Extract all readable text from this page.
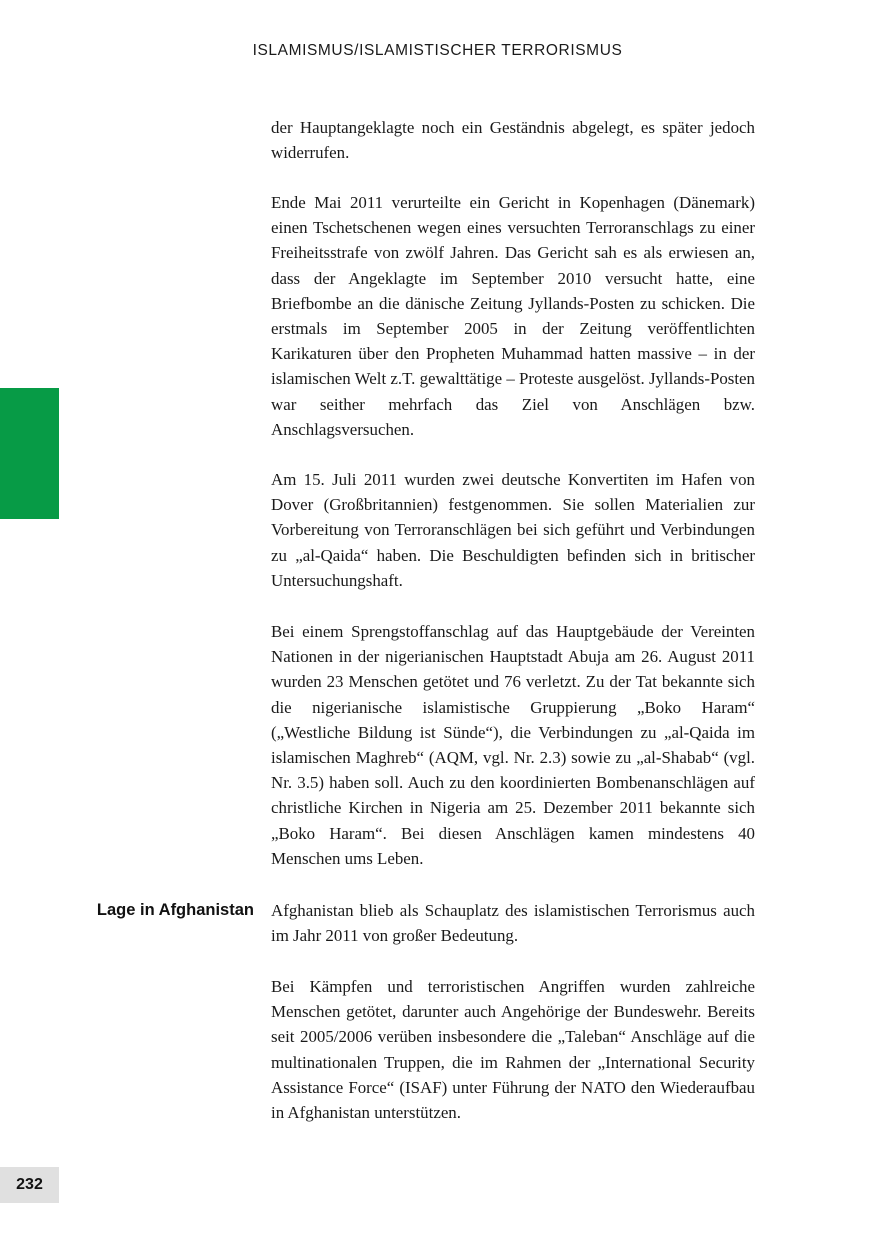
ISLAMISMUS/ISLAMISTISCHER TERRORISMUS

der Hauptangeklagte noch ein Geständnis abgelegt, es später jedoch widerrufen.

Ende Mai 2011 verurteilte ein Gericht in Kopenhagen (Dänemark) einen Tschetschenen wegen eines versuchten Terroranschlags zu einer Freiheitsstrafe von zwölf Jahren. Das Gericht sah es als erwiesen an, dass der Angeklagte im September 2010 versucht hatte, eine Briefbombe an die dänische Zeitung Jyllands-Posten zu schicken. Die erstmals im September 2005 in der Zeitung veröffentlichten Karikaturen über den Propheten Muhammad hatten massive – in der islamischen Welt z.T. gewalttätige – Proteste ausgelöst. Jyllands-Posten war seither mehrfach das Ziel von Anschlägen bzw. Anschlagsversuchen.

Am 15. Juli 2011 wurden zwei deutsche Konvertiten im Hafen von Dover (Großbritannien) festgenommen. Sie sollen Materialien zur Vorbereitung von Terroranschlägen bei sich geführt und Verbindungen zu „al-Qaida“ haben. Die Beschuldigten befinden sich in britischer Untersuchungshaft.

Bei einem Sprengstoffanschlag auf das Hauptgebäude der Vereinten Nationen in der nigerianischen Hauptstadt Abuja am 26. August 2011 wurden 23 Menschen getötet und 76 verletzt. Zu der Tat bekannte sich die nigerianische islamistische Gruppierung „Boko Haram“ („Westliche Bildung ist Sünde“), die Verbindungen zu „al-Qaida im islamischen Maghreb“ (AQM, vgl. Nr. 2.3) sowie zu „al-Shabab“ (vgl. Nr. 3.5) haben soll. Auch zu den koordinierten Bombenanschlägen auf christliche Kirchen in Nigeria am 25. Dezember 2011 bekannte sich „Boko Haram“. Bei diesen Anschlägen kamen mindestens 40 Menschen ums Leben.

Lage in Afghanistan Afghanistan blieb als Schauplatz des islamistischen Terrorismus auch im Jahr 2011 von großer Bedeutung.

Bei Kämpfen und terroristischen Angriffen wurden zahlreiche Menschen getötet, darunter auch Angehörige der Bundeswehr. Bereits seit 2005/2006 verüben insbesondere die „Taleban“ Anschläge auf die multinationalen Truppen, die im Rahmen der „International Security Assistance Force“ (ISAF) unter Führung der NATO den Wiederaufbau in Afghanistan unterstützen.

232
